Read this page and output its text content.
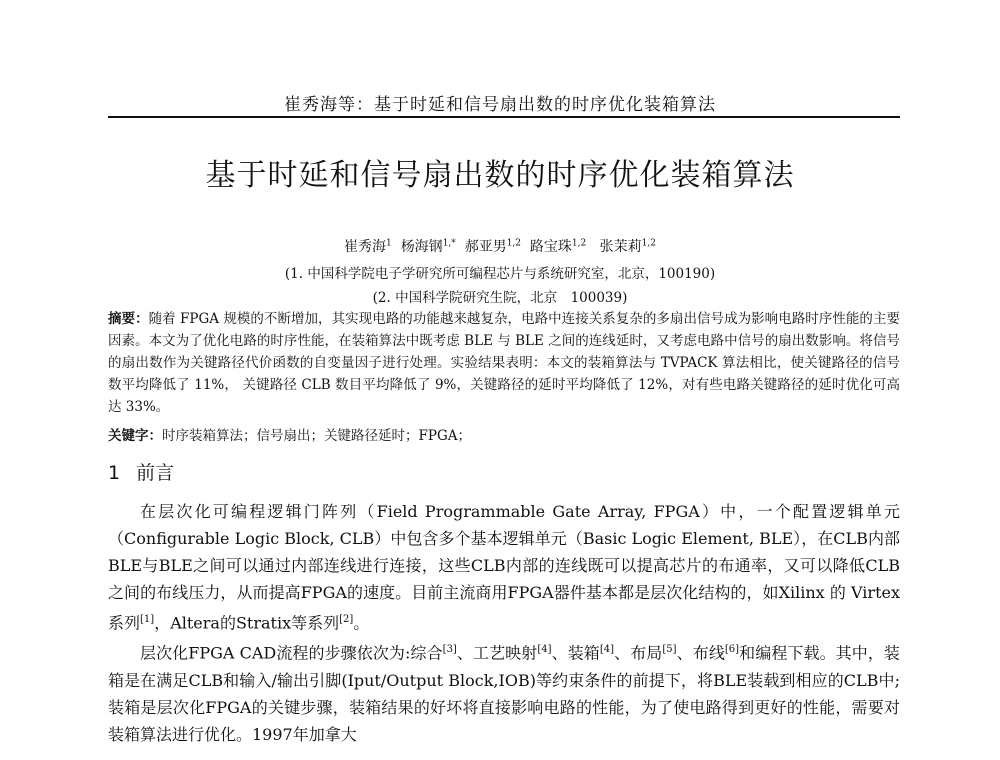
崔秀海等：基于时延和信号扇出数的时序优化装箱算法
基于时延和信号扇出数的时序优化装箱算法
崔秀海$^1$ 杨海钢$^{1,*}$ 郝亚男$^{1,2}$ 路宝珠$^{1,2}$ 张茉莉$^{1,2}$
(1. 中国科学院电子学研究所可编程芯片与系统研究室，北京，100190)
(2. 中国科学院研究生院，北京　100039)
摘要：随着 FPGA 规模的不断增加，其实现电路的功能越来越复杂，电路中连接关系复杂的多扇出信号成为影响电路时序性能的主要因素。本文为了优化电路的时序性能，在装箱算法中既考虑 BLE 与 BLE 之间的连线延时，又考虑电路中信号的扇出数影响。将信号的扇出数作为关键路径代价函数的自变量因子进行处理。实验结果表明：本文的装箱算法与 TVPACK 算法相比，使关键路径的信号数平均降低了 11%， 关键路径 CLB 数目平均降低了 9%，关键路径的延时平均降低了 12%，对有些电路关键路径的延时优化可高达 33%。
关键字：时序装箱算法；信号扇出；关键路径延时；FPGA；
1 前言

在层次化可编程逻辑门阵列（Field Programmable Gate Array, FPGA）中，一个配置逻辑单元（Configurable Logic Block, CLB）中包含多个基本逻辑单元（Basic Logic Element, BLE），在CLB内部BLE与BLE之间可以通过内部连线进行连接，这些CLB内部的连线既可以提高芯片的布通率，又可以降低CLB之间的布线压力，从而提高FPGA的速度。目前主流商用FPGA器件基本都是层次化结构的，如Xilinx 的 Virtex 系列[1]，Altera的Stratix等系列[2]。

层次化FPGA CAD流程的步骤依次为:综合[3]、工艺映射[4]、装箱[4]、布局[5]、布线[6]和编程下载。其中，装箱是在满足CLB和输入/输出引脚(Iput/Output Block,IOB)等约束条件的前提下，将BLE装载到相应的CLB中;装箱是层次化FPGA的关键步骤，装箱结果的好坏将直接影响电路的性能，为了使电路得到更好的性能，需要对装箱算法进行优化。1997年加拿大
